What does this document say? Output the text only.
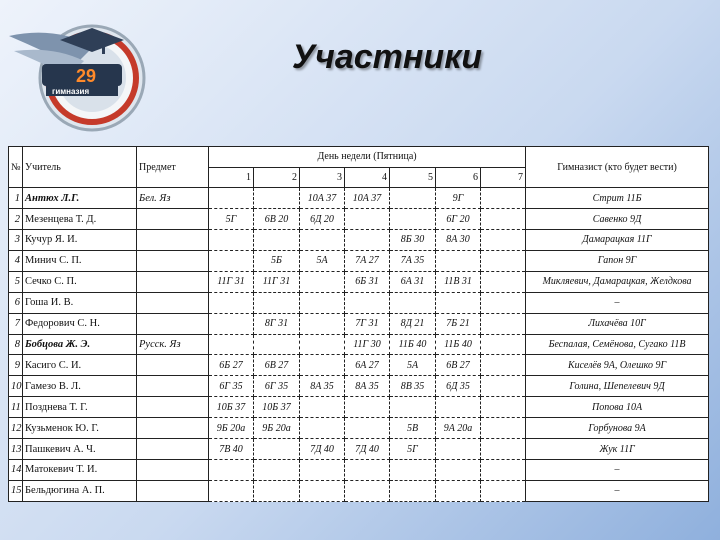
29
гимназия
Участники
№	Учитель	Предмет	День недели (Пятница)							Гимназист (кто будет вести)
			1	2	3	4	5	6	7	
1	Антюх Л.Г.	Бел. Яз			10А 37	10А 37		9Г		Стрит 11Б
2	Мезенцева Т. Д.		5Г	6В 20	6Д 20			6Г 20		Савенко 9Д
3	Кучур Я. И.						8Б 30	8А 30		Дамарацкая 11Г
4	Минич С. П.			5Б	5А	7А 27	7А 35			Гапон 9Г
5	Сечко С. П.		11Г 31	11Г 31		6Б 31	6А 31	11В 31		Микляевич, Дамарацкая, Желдкова
6	Гоша И. В.									–
7	Федорович С. Н.			8Г 31		7Г 31	8Д 21	7Б 21		Лихачёва 10Г
8	Бобцова Ж. Э.	Русск. Яз				11Г 30	11Б 40	11Б 40		Беспалая, Семёнова, Сугако 11В
9	Касиго С. И.		6Б 27	6В 27		6А 27	5А	6В 27		Киселёв 9А, Олешко 9Г
10	Гамезо В. Л.		6Г 35	6Г 35	8А 35	8А 35	8В 35	6Д 35		Голина, Шепелевич 9Д
11	Позднева Т. Г.		10Б 37	10Б 37						Попова 10А
12	Кузьменок Ю. Г.		9Б 20а	9Б 20а			5В	9А 20а		Горбунова 9А
13	Пашкевич А. Ч.		7В 40		7Д 40	7Д 40	5Г			Жук 11Г
14	Матокевич Т. И.									–
15	Бельдюгина А. П.									–
